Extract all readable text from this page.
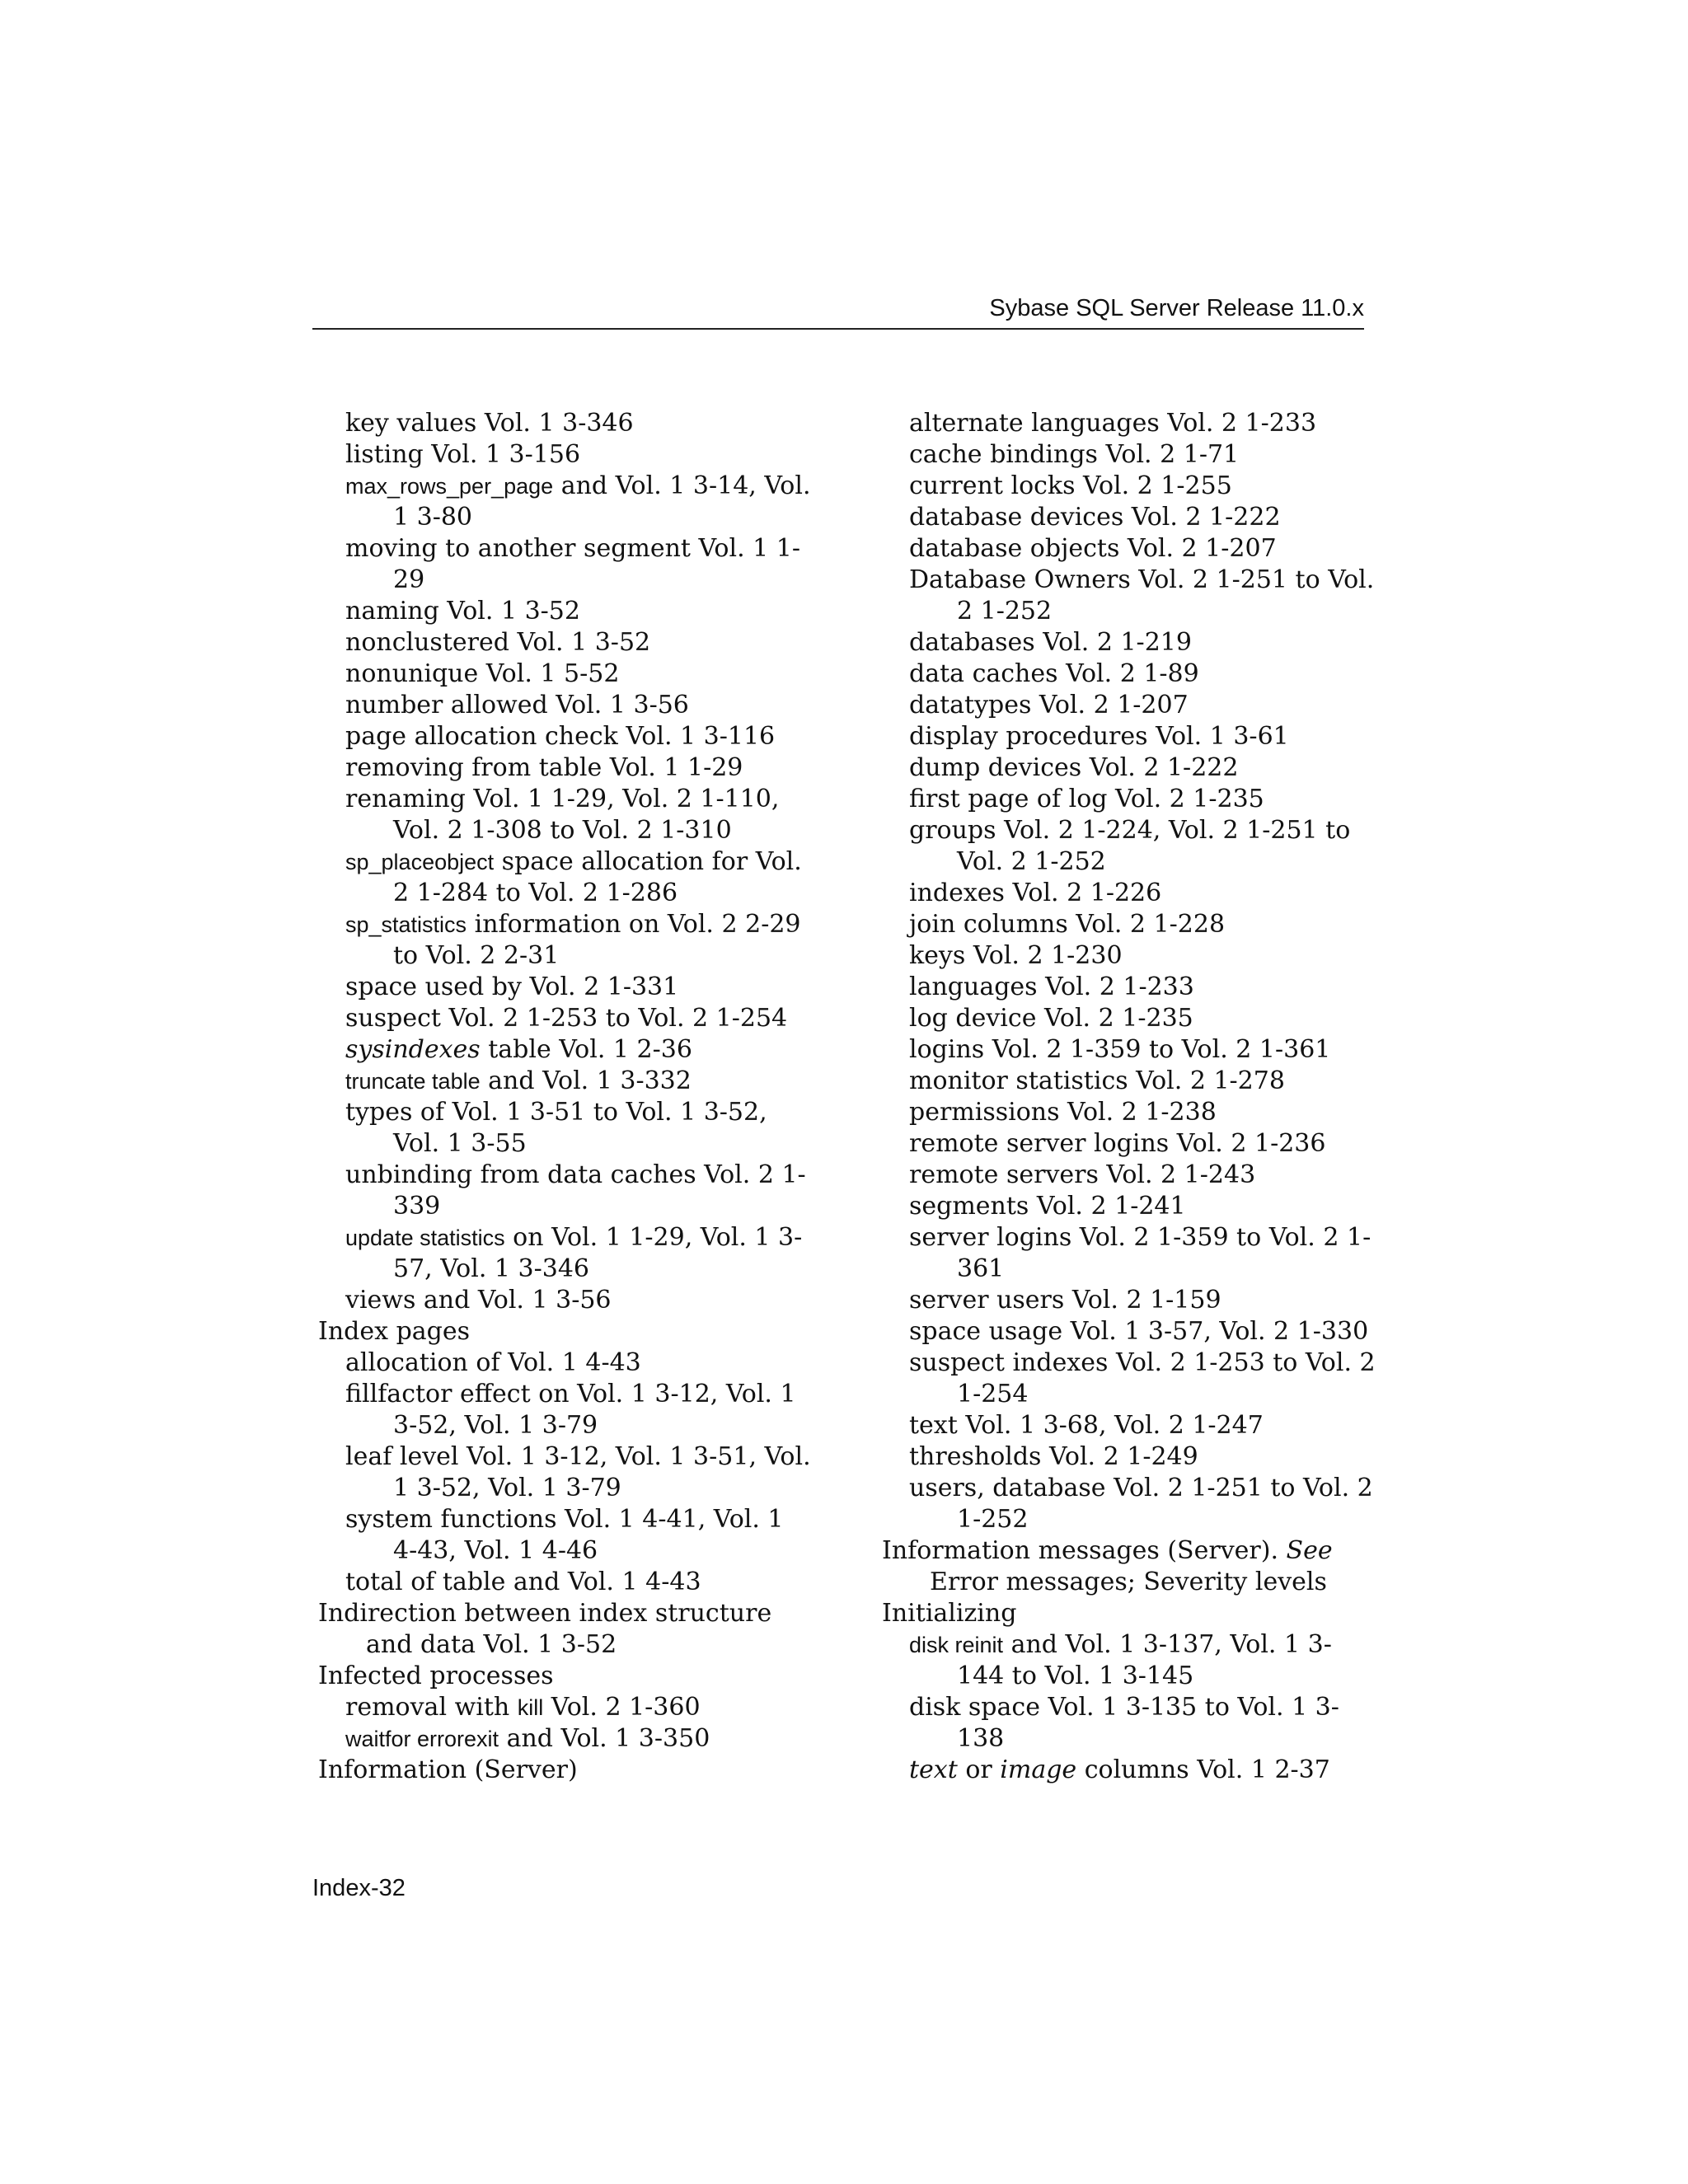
Sybase SQL Server Release 11.0.x
key values Vol. 1 3-346
listing Vol. 1 3-156
max_rows_per_page and Vol. 1 3-14, Vol. 1 3-80
moving to another segment Vol. 1 1-29
naming Vol. 1 3-52
nonclustered Vol. 1 3-52
nonunique Vol. 1 5-52
number allowed Vol. 1 3-56
page allocation check Vol. 1 3-116
removing from table Vol. 1 1-29
renaming Vol. 1 1-29, Vol. 2 1-110, Vol. 2 1-308 to Vol. 2 1-310
sp_placeobject space allocation for Vol. 2 1-284 to Vol. 2 1-286
sp_statistics information on Vol. 2 2-29 to Vol. 2 2-31
space used by Vol. 2 1-331
suspect Vol. 2 1-253 to Vol. 2 1-254
sysindexes table Vol. 1 2-36
truncate table and Vol. 1 3-332
types of Vol. 1 3-51 to Vol. 1 3-52, Vol. 1 3-55
unbinding from data caches Vol. 2 1-339
update statistics on Vol. 1 1-29, Vol. 1 3-57, Vol. 1 3-346
views and Vol. 1 3-56
Index pages
allocation of Vol. 1 4-43
fillfactor effect on Vol. 1 3-12, Vol. 1 3-52, Vol. 1 3-79
leaf level Vol. 1 3-12, Vol. 1 3-51, Vol. 1 3-52, Vol. 1 3-79
system functions Vol. 1 4-41, Vol. 1 4-43, Vol. 1 4-46
total of table and Vol. 1 4-43
Indirection between index structure and data Vol. 1 3-52
Infected processes
removal with kill Vol. 2 1-360
waitfor errorexit and Vol. 1 3-350
Information (Server)
alternate languages Vol. 2 1-233
cache bindings Vol. 2 1-71
current locks Vol. 2 1-255
database devices Vol. 2 1-222
database objects Vol. 2 1-207
Database Owners Vol. 2 1-251 to Vol. 2 1-252
databases Vol. 2 1-219
data caches Vol. 2 1-89
datatypes Vol. 2 1-207
display procedures Vol. 1 3-61
dump devices Vol. 2 1-222
first page of log Vol. 2 1-235
groups Vol. 2 1-224, Vol. 2 1-251 to Vol. 2 1-252
indexes Vol. 2 1-226
join columns Vol. 2 1-228
keys Vol. 2 1-230
languages Vol. 2 1-233
log device Vol. 2 1-235
logins Vol. 2 1-359 to Vol. 2 1-361
monitor statistics Vol. 2 1-278
permissions Vol. 2 1-238
remote server logins Vol. 2 1-236
remote servers Vol. 2 1-243
segments Vol. 2 1-241
server logins Vol. 2 1-359 to Vol. 2 1-361
server users Vol. 2 1-159
space usage Vol. 1 3-57, Vol. 2 1-330
suspect indexes Vol. 2 1-253 to Vol. 2 1-254
text Vol. 1 3-68, Vol. 2 1-247
thresholds Vol. 2 1-249
users, database Vol. 2 1-251 to Vol. 2 1-252
Information messages (Server). See Error messages; Severity levels
Initializing
disk reinit and Vol. 1 3-137, Vol. 1 3-144 to Vol. 1 3-145
disk space Vol. 1 3-135 to Vol. 1 3-138
text or image columns Vol. 1 2-37
Index-32
